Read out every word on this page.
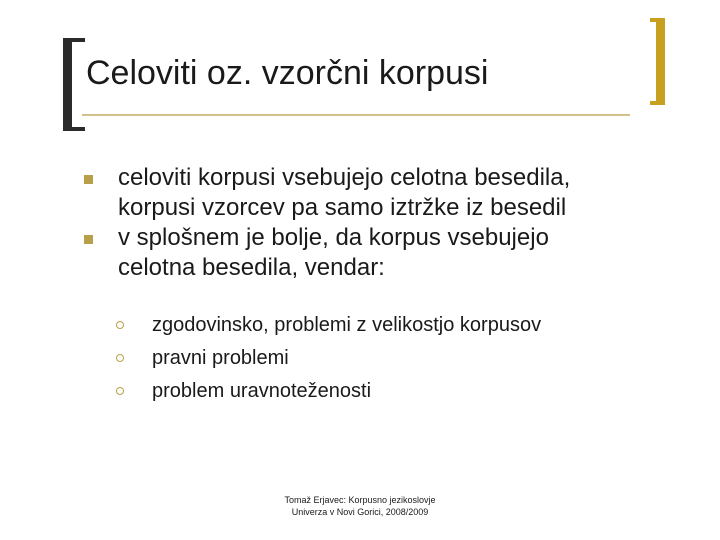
Celoviti oz. vzorčni korpusi
celoviti korpusi vsebujejo celotna besedila,
korpusi vzorcev pa samo iztržke iz besedil
v splošnem je bolje, da korpus vsebujejo
celotna besedila, vendar:
zgodovinsko, problemi z velikostjo korpusov
pravni problemi
problem uravnoteženosti
Tomaž Erjavec: Korpusno jezikoslovje
Univerza v Novi Gorici, 2008/2009
